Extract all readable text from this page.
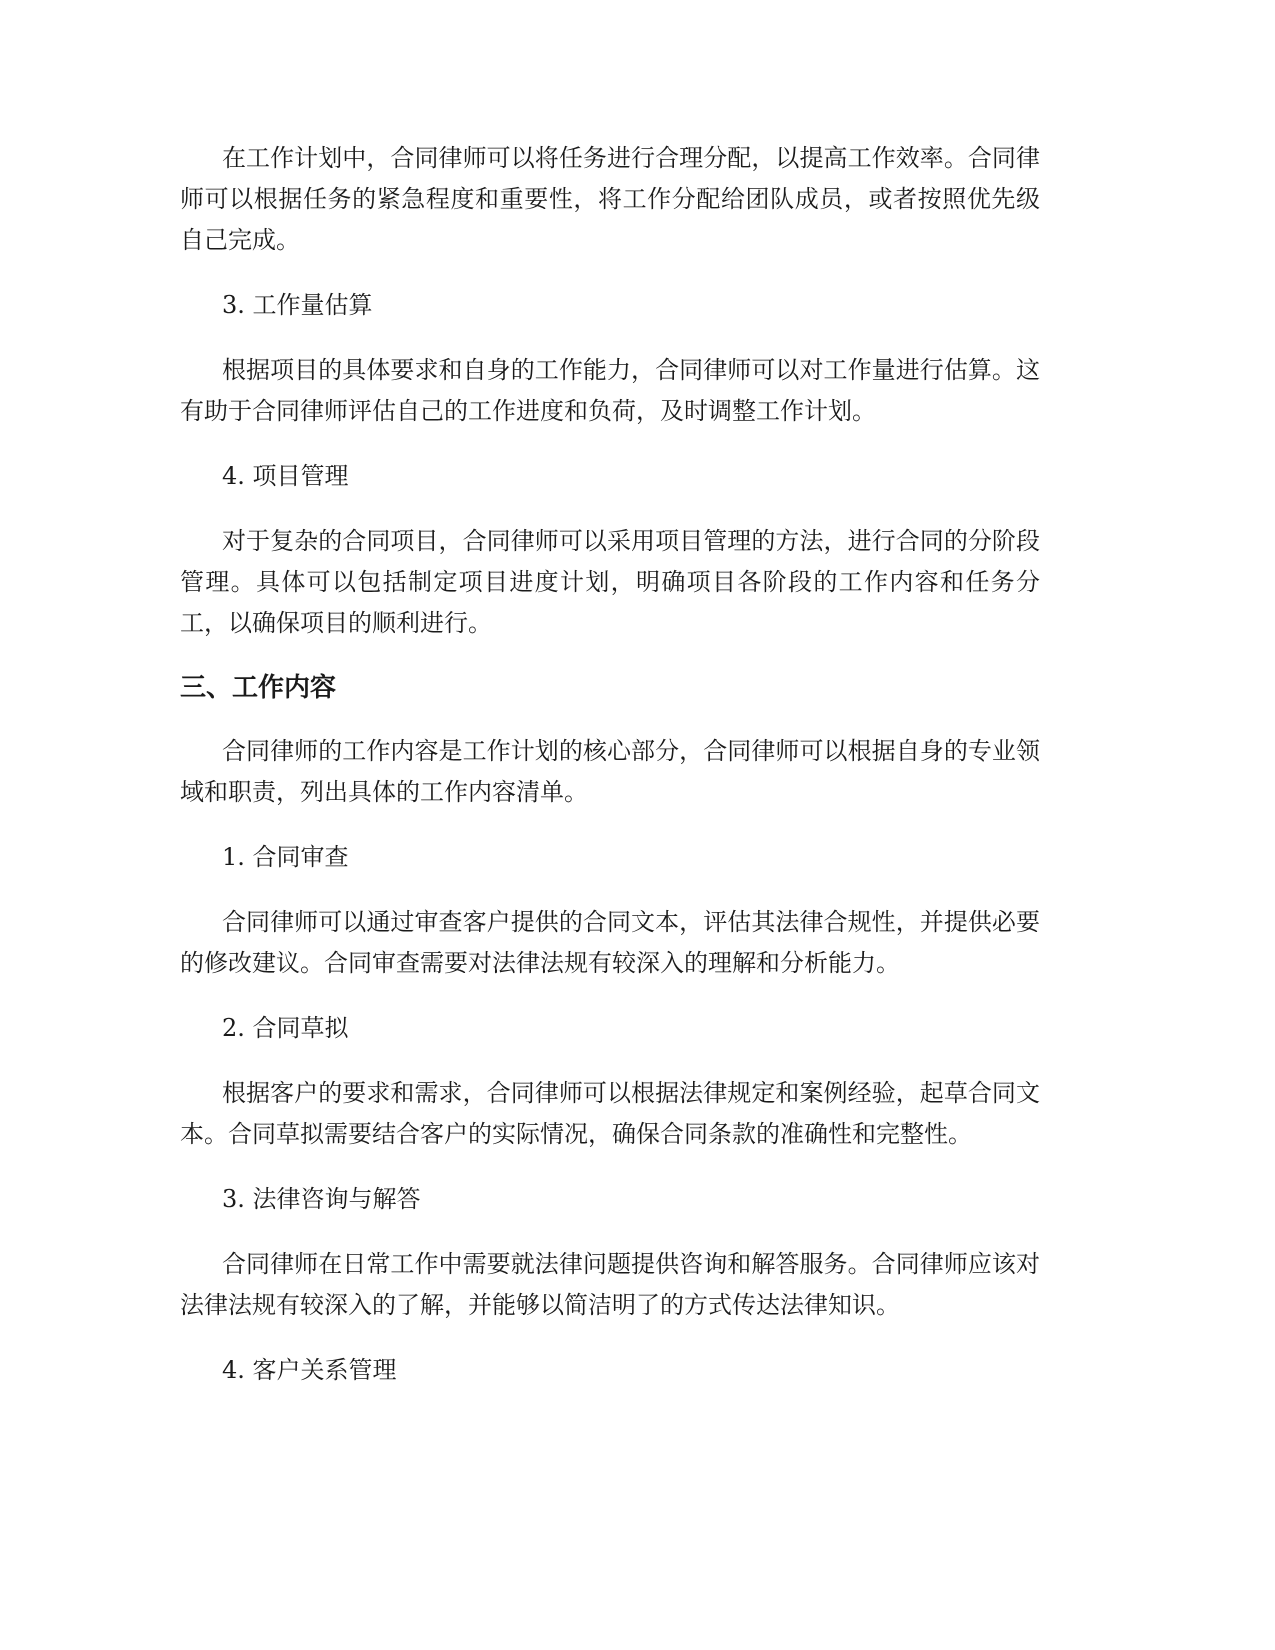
在工作计划中，合同律师可以将任务进行合理分配，以提高工作效率。合同律师可以根据任务的紧急程度和重要性，将工作分配给团队成员，或者按照优先级自己完成。

3. 工作量估算

根据项目的具体要求和自身的工作能力，合同律师可以对工作量进行估算。这有助于合同律师评估自己的工作进度和负荷，及时调整工作计划。

4. 项目管理

对于复杂的合同项目，合同律师可以采用项目管理的方法，进行合同的分阶段管理。具体可以包括制定项目进度计划，明确项目各阶段的工作内容和任务分工，以确保项目的顺利进行。

三、工作内容

合同律师的工作内容是工作计划的核心部分，合同律师可以根据自身的专业领域和职责，列出具体的工作内容清单。

1. 合同审查

合同律师可以通过审查客户提供的合同文本，评估其法律合规性，并提供必要的修改建议。合同审查需要对法律法规有较深入的理解和分析能力。

2. 合同草拟

根据客户的要求和需求，合同律师可以根据法律规定和案例经验，起草合同文本。合同草拟需要结合客户的实际情况，确保合同条款的准确性和完整性。

3. 法律咨询与解答

合同律师在日常工作中需要就法律问题提供咨询和解答服务。合同律师应该对法律法规有较深入的了解，并能够以简洁明了的方式传达法律知识。

4. 客户关系管理
